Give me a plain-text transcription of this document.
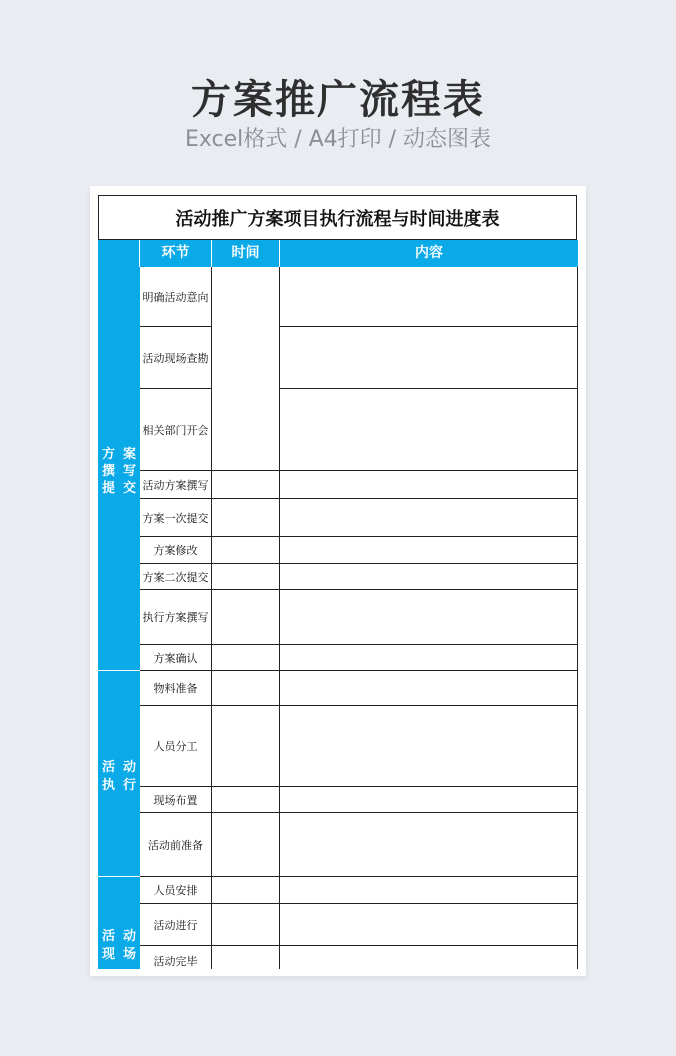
方案推广流程表
Excel格式 / A4打印 / 动态图表
活动推广方案项目执行流程与时间进度表
环节	时间	内容
方 案
撰 写
提 交
活 动
执 行
活 动
现 场
明确活动意向
活动现场查勘
相关部门开会
活动方案撰写
方案一次提交
方案修改
方案二次提交
执行方案撰写
方案确认
物料准备
人员分工
现场布置
活动前准备
人员安排
活动进行
活动完毕
